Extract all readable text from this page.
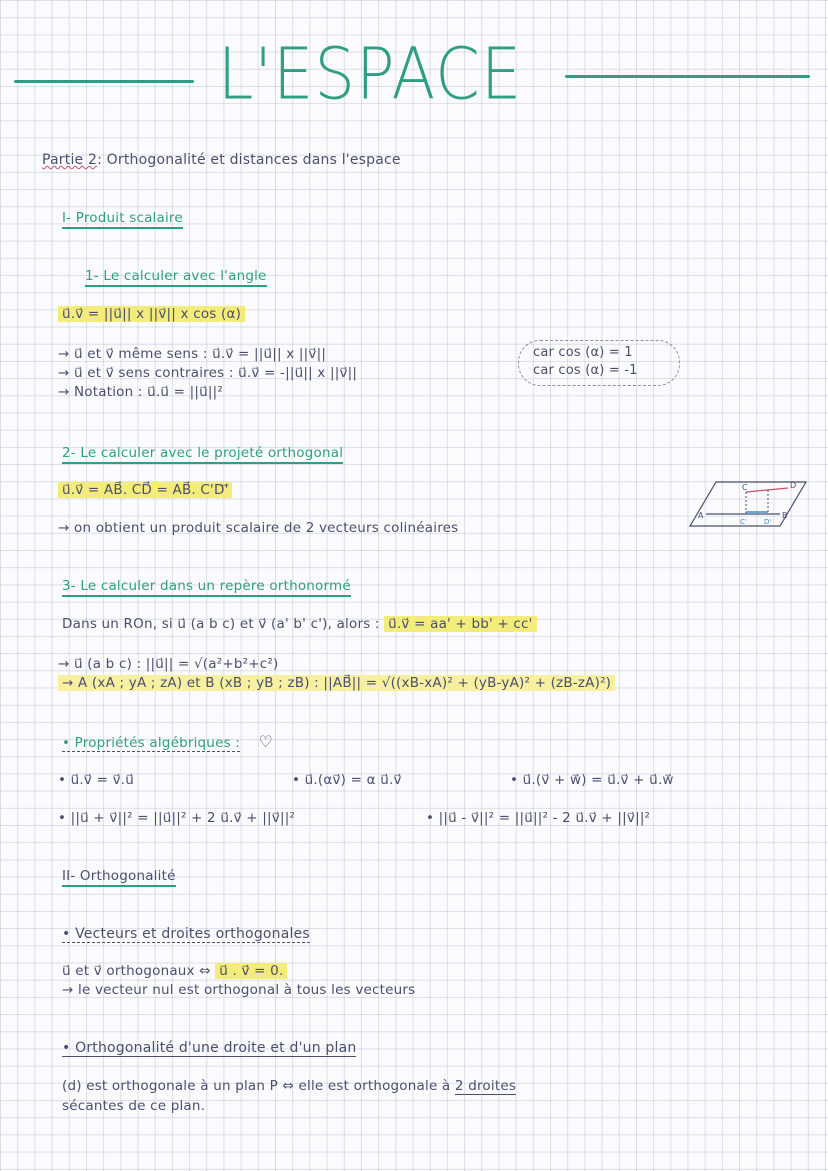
L'ESPACE
Partie 2: Orthogonalité et distances dans l'espace
I- Produit scalaire
1- Le calculer avec l'angle
u⃗.v⃗ = ||u⃗|| x ||v⃗|| x cos (α)
→ u⃗ et v⃗ même sens : u⃗.v⃗ = ||u⃗|| x ||v⃗||
→ u⃗ et v⃗ sens contraires : u⃗.v⃗ = -||u⃗|| x ||v⃗||
→ Notation : u⃗.u⃗ = ||u⃗||²
car cos (α) = 1
car cos (α) = -1
2- Le calculer avec le projeté orthogonal
u⃗.v⃗ = AB⃗. CD⃗ = AB⃗. C'D'⃗
→ on obtient un produit scalaire de 2 vecteurs colinéaires
A	B
C	D
C' D'
3- Le calculer dans un repère orthonormé
Dans un ROn, si u⃗ (a b c) et v⃗ (a' b' c'), alors : u⃗.v⃗ = aa' + bb' + cc'
→ u⃗ (a b c) : ||u⃗|| = √(a²+b²+c²)
→ A (xA ; yA ; zA) et B (xB ; yB ; zB) : ||AB⃗|| = √((xB-xA)² + (yB-yA)² + (zB-zA)²)
• Propriétés algébriques : ♡
• u⃗.v⃗ = v⃗.u⃗	• u⃗.(αv⃗) = α u⃗.v⃗	• u⃗.(v⃗ + w⃗) = u⃗.v⃗ + u⃗.w⃗
• ||u⃗ + v⃗||² = ||u⃗||² + 2 u⃗.v⃗ + ||v⃗||²	• ||u⃗ - v⃗||² = ||u⃗||² - 2 u⃗.v⃗ + ||v⃗||²
II- Orthogonalité
• Vecteurs et droites orthogonales
u⃗ et v⃗ orthogonaux ⇔ u⃗ . v⃗ = 0.
→ le vecteur nul est orthogonal à tous les vecteurs
• Orthogonalité d'une droite et d'un plan
(d) est orthogonale à un plan P ⇔ elle est orthogonale à 2 droites
sécantes de ce plan.
